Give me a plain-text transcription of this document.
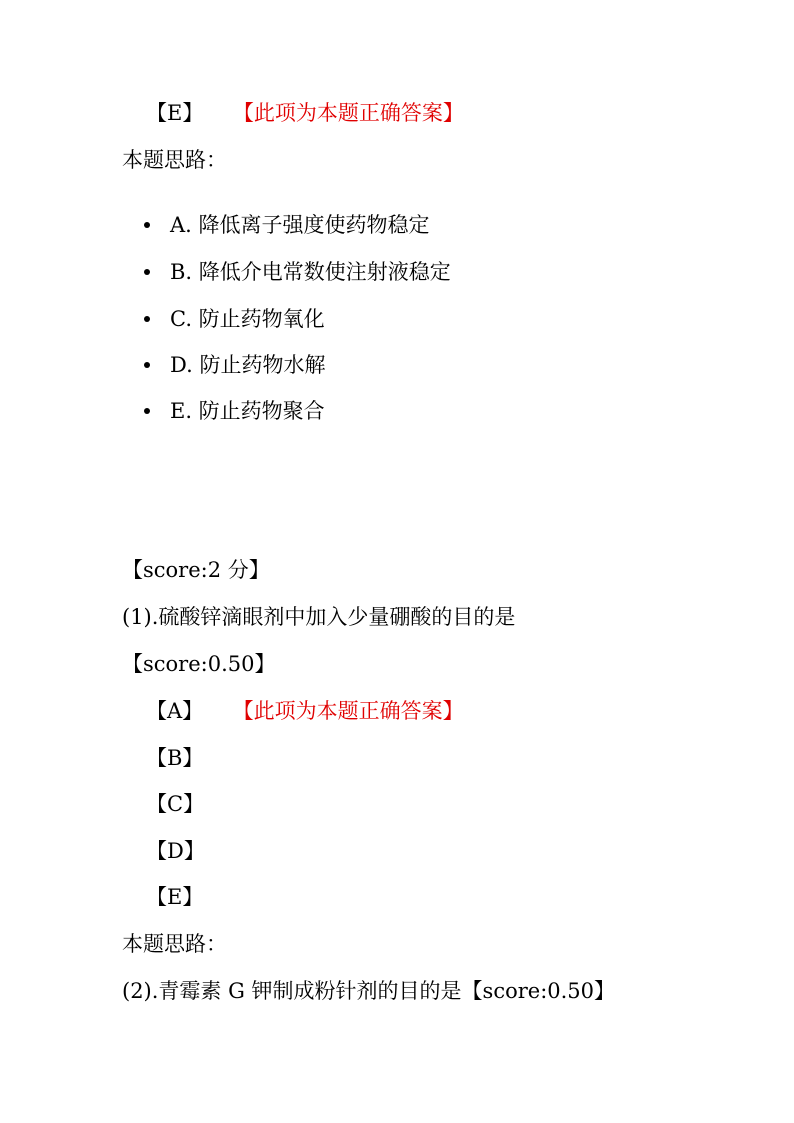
【E】 【此项为本题正确答案】
本题思路：
A. 降低离子强度使药物稳定
B. 降低介电常数使注射液稳定
C. 防止药物氧化
D. 防止药物水解
E. 防止药物聚合
【score:2 分】
(1).硫酸锌滴眼剂中加入少量硼酸的目的是
【score:0.50】
【A】 【此项为本题正确答案】
【B】
【C】
【D】
【E】
本题思路：
(2).青霉素 G 钾制成粉针剂的目的是【score:0.50】
